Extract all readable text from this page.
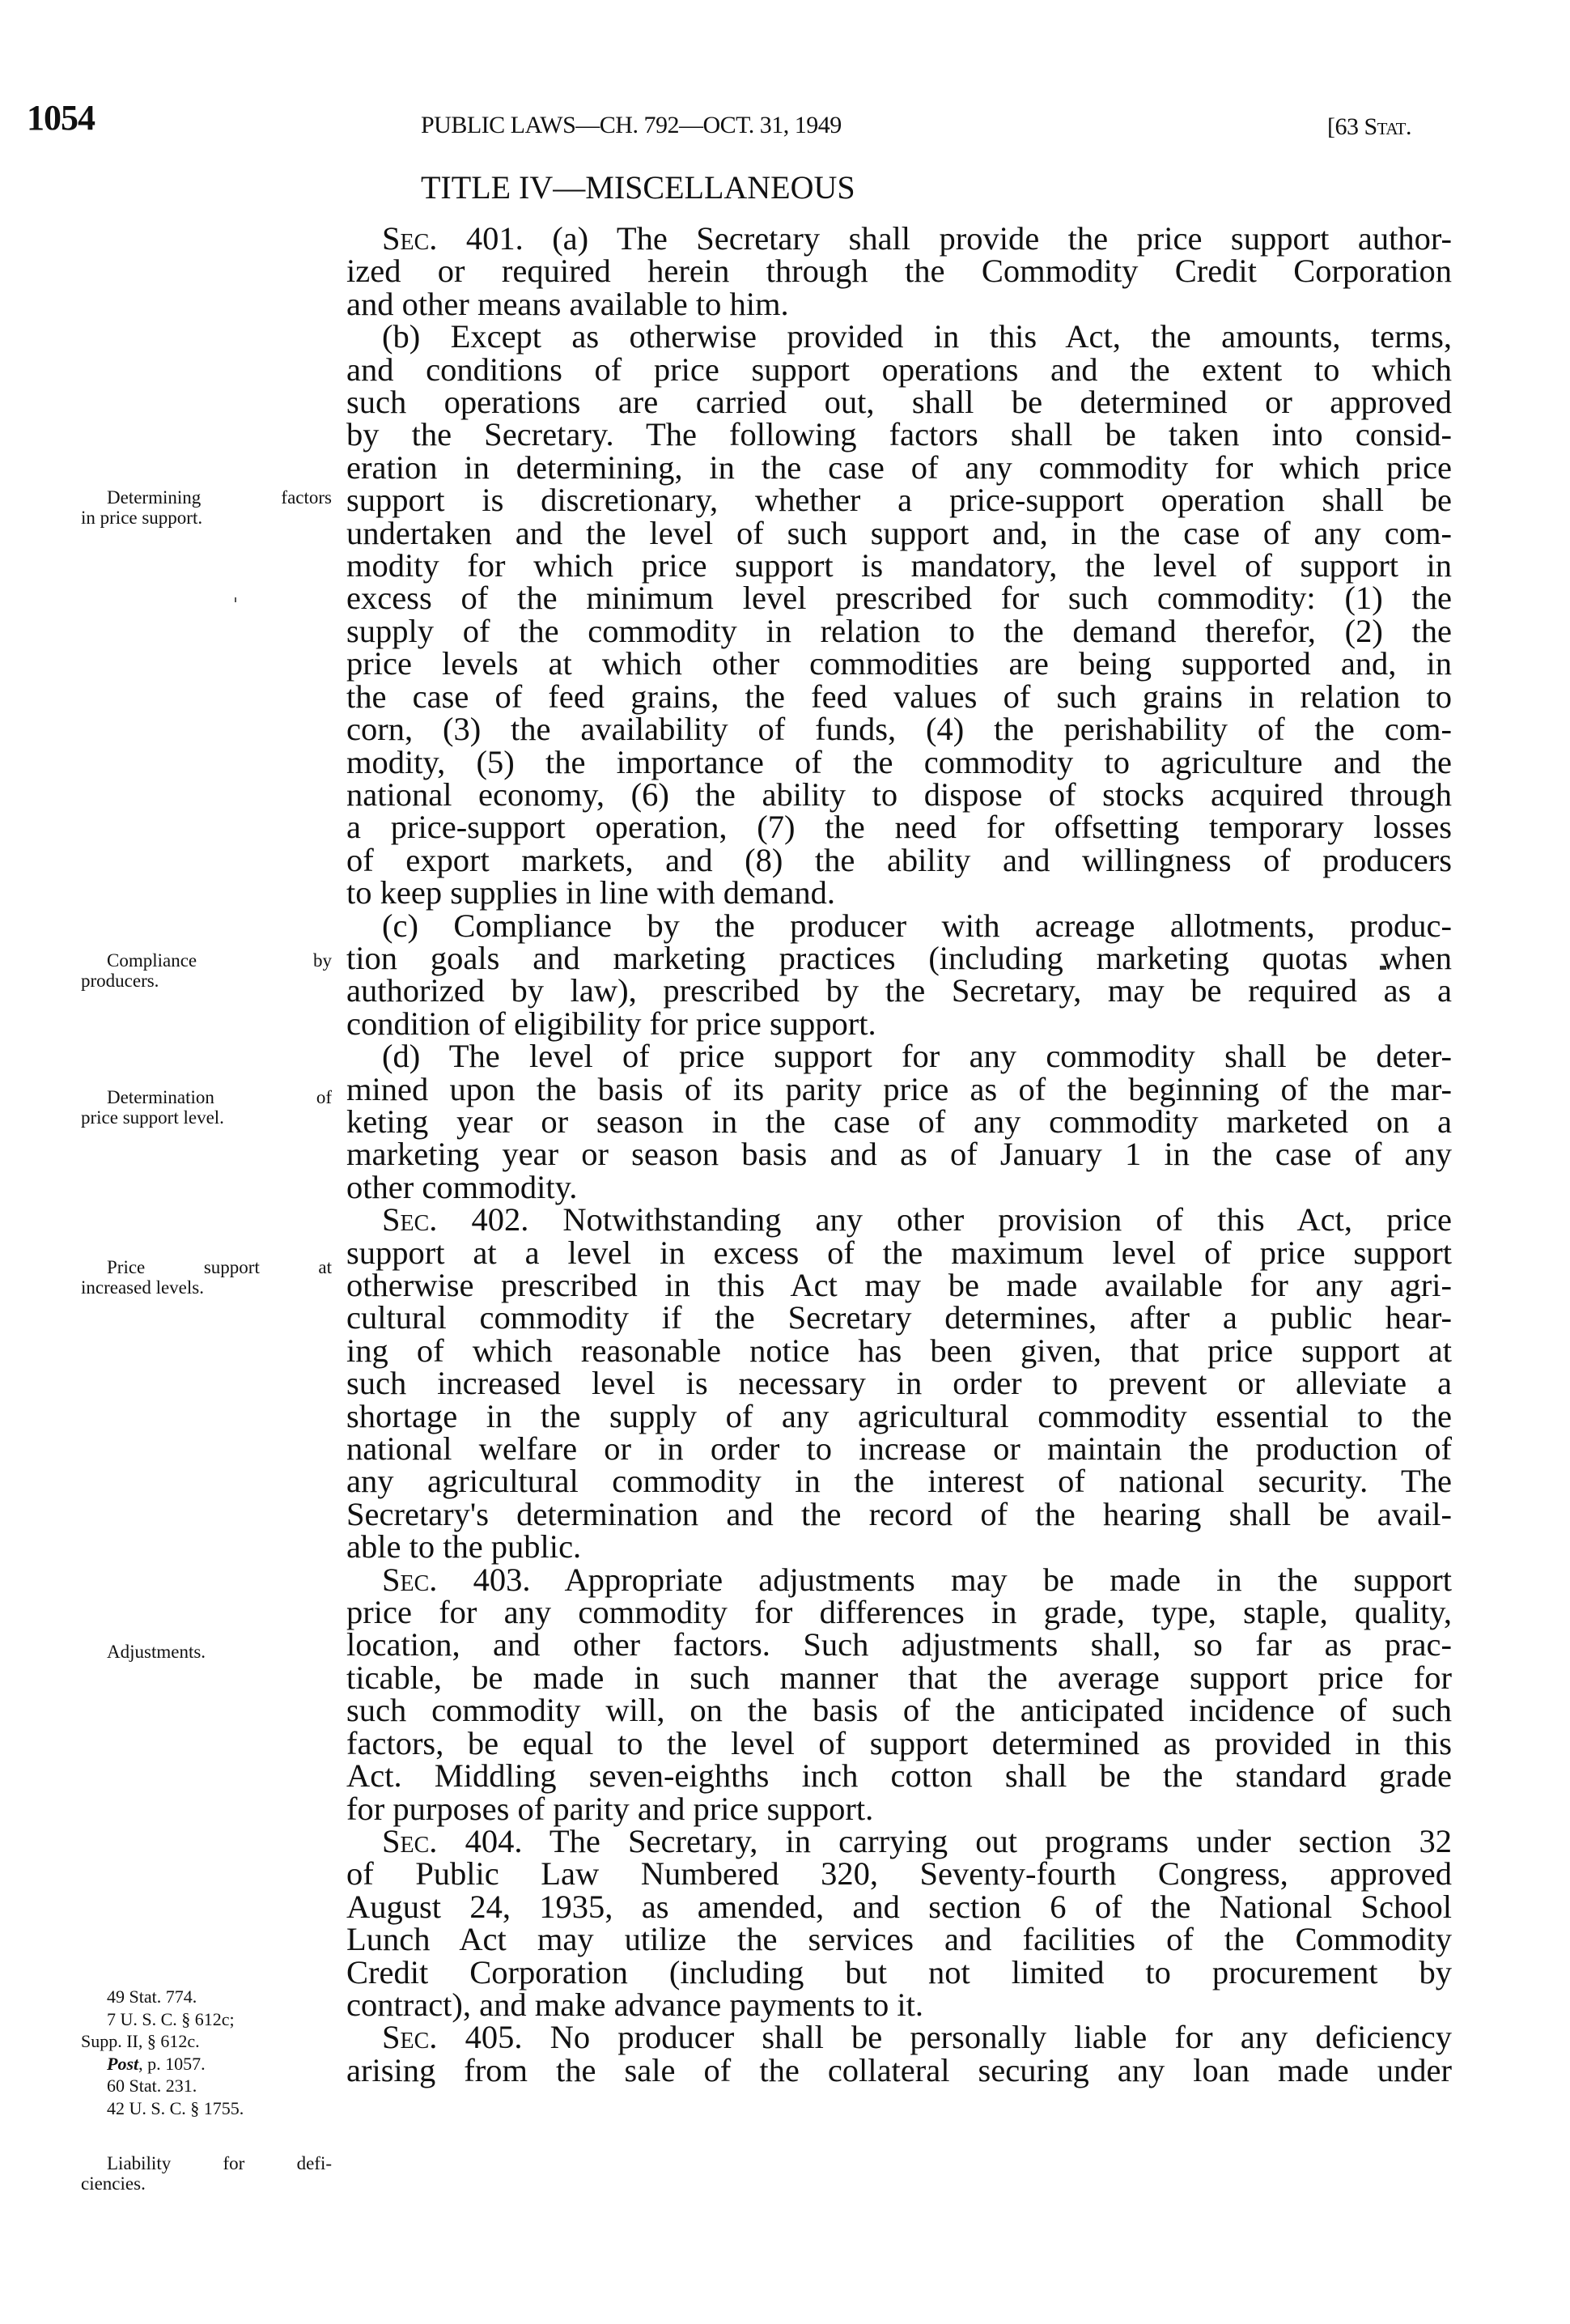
1054	PUBLIC LAWS—CH. 792—OCT. 31, 1949	[63 Stat.
TITLE IV—MISCELLANEOUS
Determining factors
in price support.
Compliance by
producers.
Determination of
price support level.
Price support at
increased levels.
Adjustments.
49 Stat. 774.
7 U. S. C. § 612c;
Supp. II, § 612c.
Post, p. 1057.
60 Stat. 231.
42 U. S. C. § 1755.
Liability for defi-
ciencies.

Sec. 401. (a) The Secretary shall provide the price support author-
ized or required herein through the Commodity Credit Corporation
and other means available to him.

(b) Except as otherwise provided in this Act, the amounts, terms,
and conditions of price support operations and the extent to which
such operations are carried out, shall be determined or approved
by the Secretary. The following factors shall be taken into consid-
eration in determining, in the case of any commodity for which price
support is discretionary, whether a price-support operation shall be
undertaken and the level of such support and, in the case of any com-
modity for which price support is mandatory, the level of support in
excess of the minimum level prescribed for such commodity: (1) the
supply of the commodity in relation to the demand therefor, (2) the
price levels at which other commodities are being supported and, in
the case of feed grains, the feed values of such grains in relation to
corn, (3) the availability of funds, (4) the perishability of the com-
modity, (5) the importance of the commodity to agriculture and the
national economy, (6) the ability to dispose of stocks acquired through
a price-support operation, (7) the need for offsetting temporary losses
of export markets, and (8) the ability and willingness of producers
to keep supplies in line with demand.

(c) Compliance by the producer with acreage allotments, produc-
tion goals and marketing practices (including marketing quotas when
authorized by law), prescribed by the Secretary, may be required as a
condition of eligibility for price support.

(d) The level of price support for any commodity shall be deter-
mined upon the basis of its parity price as of the beginning of the mar-
keting year or season in the case of any commodity marketed on a
marketing year or season basis and as of January 1 in the case of any
other commodity.

Sec. 402. Notwithstanding any other provision of this Act, price
support at a level in excess of the maximum level of price support
otherwise prescribed in this Act may be made available for any agri-
cultural commodity if the Secretary determines, after a public hear-
ing of which reasonable notice has been given, that price support at
such increased level is necessary in order to prevent or alleviate a
shortage in the supply of any agricultural commodity essential to the
national welfare or in order to increase or maintain the production of
any agricultural commodity in the interest of national security. The
Secretary's determination and the record of the hearing shall be avail-
able to the public.

Sec. 403. Appropriate adjustments may be made in the support
price for any commodity for differences in grade, type, staple, quality,
location, and other factors. Such adjustments shall, so far as prac-
ticable, be made in such manner that the average support price for
such commodity will, on the basis of the anticipated incidence of such
factors, be equal to the level of support determined as provided in this
Act. Middling seven-eighths inch cotton shall be the standard grade
for purposes of parity and price support.

Sec. 404. The Secretary, in carrying out programs under section 32
of Public Law Numbered 320, Seventy-fourth Congress, approved
August 24, 1935, as amended, and section 6 of the National School
Lunch Act may utilize the services and facilities of the Commodity
Credit Corporation (including but not limited to procurement by
contract), and make advance payments to it.

Sec. 405. No producer shall be personally liable for any deficiency
arising from the sale of the collateral securing any loan made under
